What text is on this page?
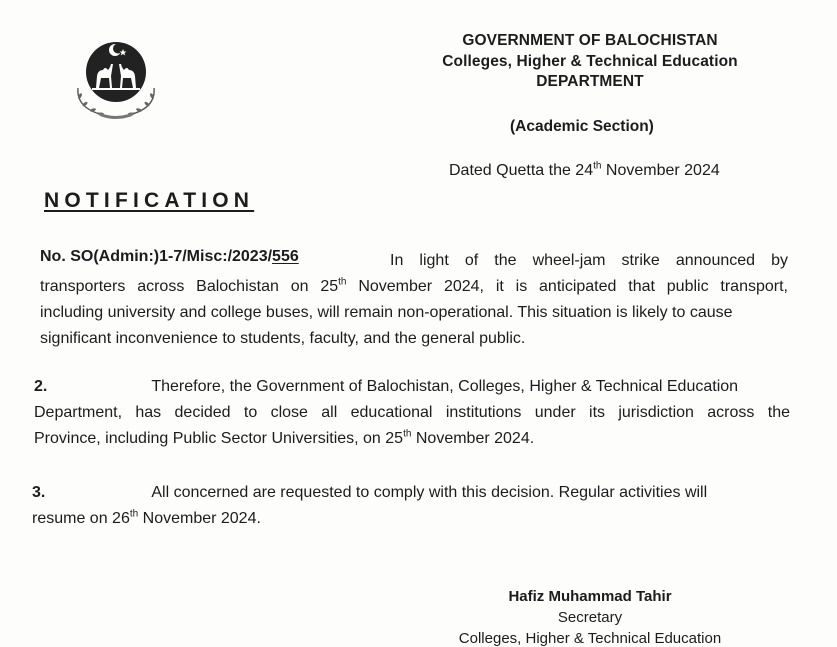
GOVERNMENT OF BALOCHISTAN
Colleges, Higher & Technical Education
DEPARTMENT
(Academic Section)
Dated Quetta the 24th November 2024
NOTIFICATION
No. SO(Admin:)1-7/Misc:/2023/556	In light of the wheel-jam strike announced by
transporters across Balochistan on 25th November 2024, it is anticipated that public transport,
including university and college buses, will remain non-operational. This situation is likely to cause
significant inconvenience to students, faculty, and the general public.
2.	Therefore, the Government of Balochistan, Colleges, Higher & Technical Education
Department, has decided to close all educational institutions under its jurisdiction across the
Province, including Public Sector Universities, on 25th November 2024.
3.	All concerned are requested to comply with this decision. Regular activities will
resume on 26th November 2024.
Hafiz Muhammad Tahir
Secretary
Colleges, Higher & Technical Education
